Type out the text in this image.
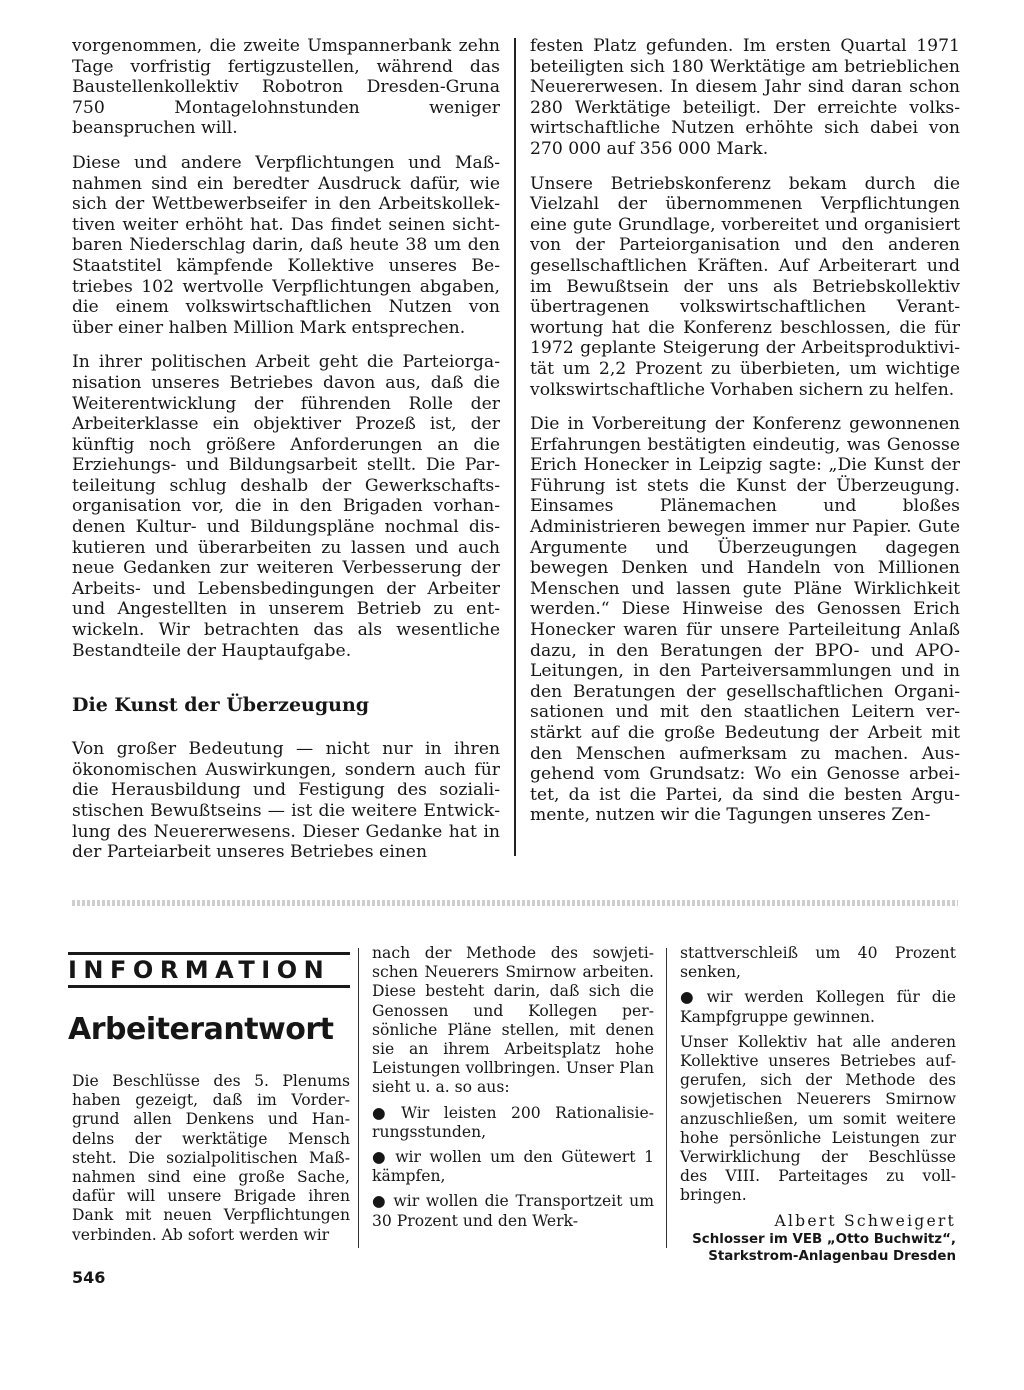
vorgenommen, die zweite Umspannerbank zehn Tage vorfristig fertigzustellen, während das Baustellenkollektiv Robotron Dresden-Gruna 750 Montagelohnstunden weniger beanspruchen will.

Diese und andere Verpflichtungen und Maßnahmen sind ein beredter Ausdruck dafür, wie sich der Wettbewerbseifer in den Arbeitskollektiven weiter erhöht hat. Das findet seinen sichtbaren Niederschlag darin, daß heute 38 um den Staatstitel kämpfende Kollektive unseres Betriebes 102 wertvolle Verpflichtungen abgaben, die einem volkswirtschaftlichen Nutzen von über einer halben Million Mark entsprechen.

In ihrer politischen Arbeit geht die Parteiorganisation unseres Betriebes davon aus, daß die Weiterentwicklung der führenden Rolle der Arbeiterklasse ein objektiver Prozeß ist, der künftig noch größere Anforderungen an die Erziehungs- und Bildungsarbeit stellt. Die Parteileitung schlug deshalb der Gewerkschaftsorganisation vor, die in den Brigaden vorhandenen Kultur- und Bildungspläne nochmal diskutieren und überarbeiten zu lassen und auch neue Gedanken zur weiteren Verbesserung der Arbeits- und Lebensbedingungen der Arbeiter und Angestellten in unserem Betrieb zu entwickeln. Wir betrachten das als wesentliche Bestandteile der Hauptaufgabe.

Die Kunst der Überzeugung

Von großer Bedeutung — nicht nur in ihren ökonomischen Auswirkungen, sondern auch für die Herausbildung und Festigung des sozialistischen Bewußtseins — ist die weitere Entwicklung des Neuererwesens. Dieser Gedanke hat in der Parteiarbeit unseres Betriebes einen

festen Platz gefunden. Im ersten Quartal 1971 beteiligten sich 180 Werktätige am betrieblichen Neuererwesen. In diesem Jahr sind daran schon 280 Werktätige beteiligt. Der erreichte volkswirtschaftliche Nutzen erhöhte sich dabei von 270 000 auf 356 000 Mark.

Unsere Betriebskonferenz bekam durch die Vielzahl der übernommenen Verpflichtungen eine gute Grundlage, vorbereitet und organisiert von der Parteiorganisation und den anderen gesellschaftlichen Kräften. Auf Arbeiterart und im Bewußtsein der uns als Betriebskollektiv übertragenen volkswirtschaftlichen Verantwortung hat die Konferenz beschlossen, die für 1972 geplante Steigerung der Arbeitsproduktivität um 2,2 Prozent zu überbieten, um wichtige volkswirtschaftliche Vorhaben sichern zu helfen.

Die in Vorbereitung der Konferenz gewonnenen Erfahrungen bestätigten eindeutig, was Genosse Erich Honecker in Leipzig sagte: „Die Kunst der Führung ist stets die Kunst der Überzeugung. Einsames Plänemachen und bloßes Administrieren bewegen immer nur Papier. Gute Argumente und Überzeugungen dagegen bewegen Denken und Handeln von Millionen Menschen und lassen gute Pläne Wirklichkeit werden.“ Diese Hinweise des Genossen Erich Honecker waren für unsere Parteileitung Anlaß dazu, in den Beratungen der BPO- und APO-Leitungen, in den Parteiversammlungen und in den Beratungen der gesellschaftlichen Organisationen und mit den staatlichen Leitern verstärkt auf die große Bedeutung der Arbeit mit den Menschen aufmerksam zu machen. Ausgehend vom Grundsatz: Wo ein Genosse arbeitet, da ist die Partei, da sind die besten Argumente, nutzen wir die Tagungen unseres Zen-

INFORMATION
Arbeiterantwort

Die Beschlüsse des 5. Plenums haben gezeigt, daß im Vordergrund allen Denkens und Handelns der werktätige Mensch steht. Die sozialpolitischen Maßnahmen sind eine große Sache, dafür will unsere Brigade ihren Dank mit neuen Verpflichtungen verbinden. Ab sofort werden wir

nach der Methode des sowjetischen Neuerers Smirnow arbeiten. Diese besteht darin, daß sich die Genossen und Kollegen persönliche Pläne stellen, mit denen sie an ihrem Arbeitsplatz hohe Leistungen vollbringen. Unser Plan sieht u. a. so aus:

● Wir leisten 200 Rationalisierungsstunden,

● wir wollen um den Gütewert 1 kämpfen,

● wir wollen die Transportzeit um 30 Prozent und den Werk-

stattverschleiß um 40 Prozent senken,

● wir werden Kollegen für die Kampfgruppe gewinnen.

Unser Kollektiv hat alle anderen Kollektive unseres Betriebes aufgerufen, sich der Methode des sowjetischen Neuerers Smirnow anzuschließen, um somit weitere hohe persönliche Leistungen zur Verwirklichung der Beschlüsse des VIII. Parteitages zu vollbringen.

Albert Schweigert
Schlosser im VEB „Otto Buchwitz“,
Starkstrom-Anlagenbau Dresden
546
